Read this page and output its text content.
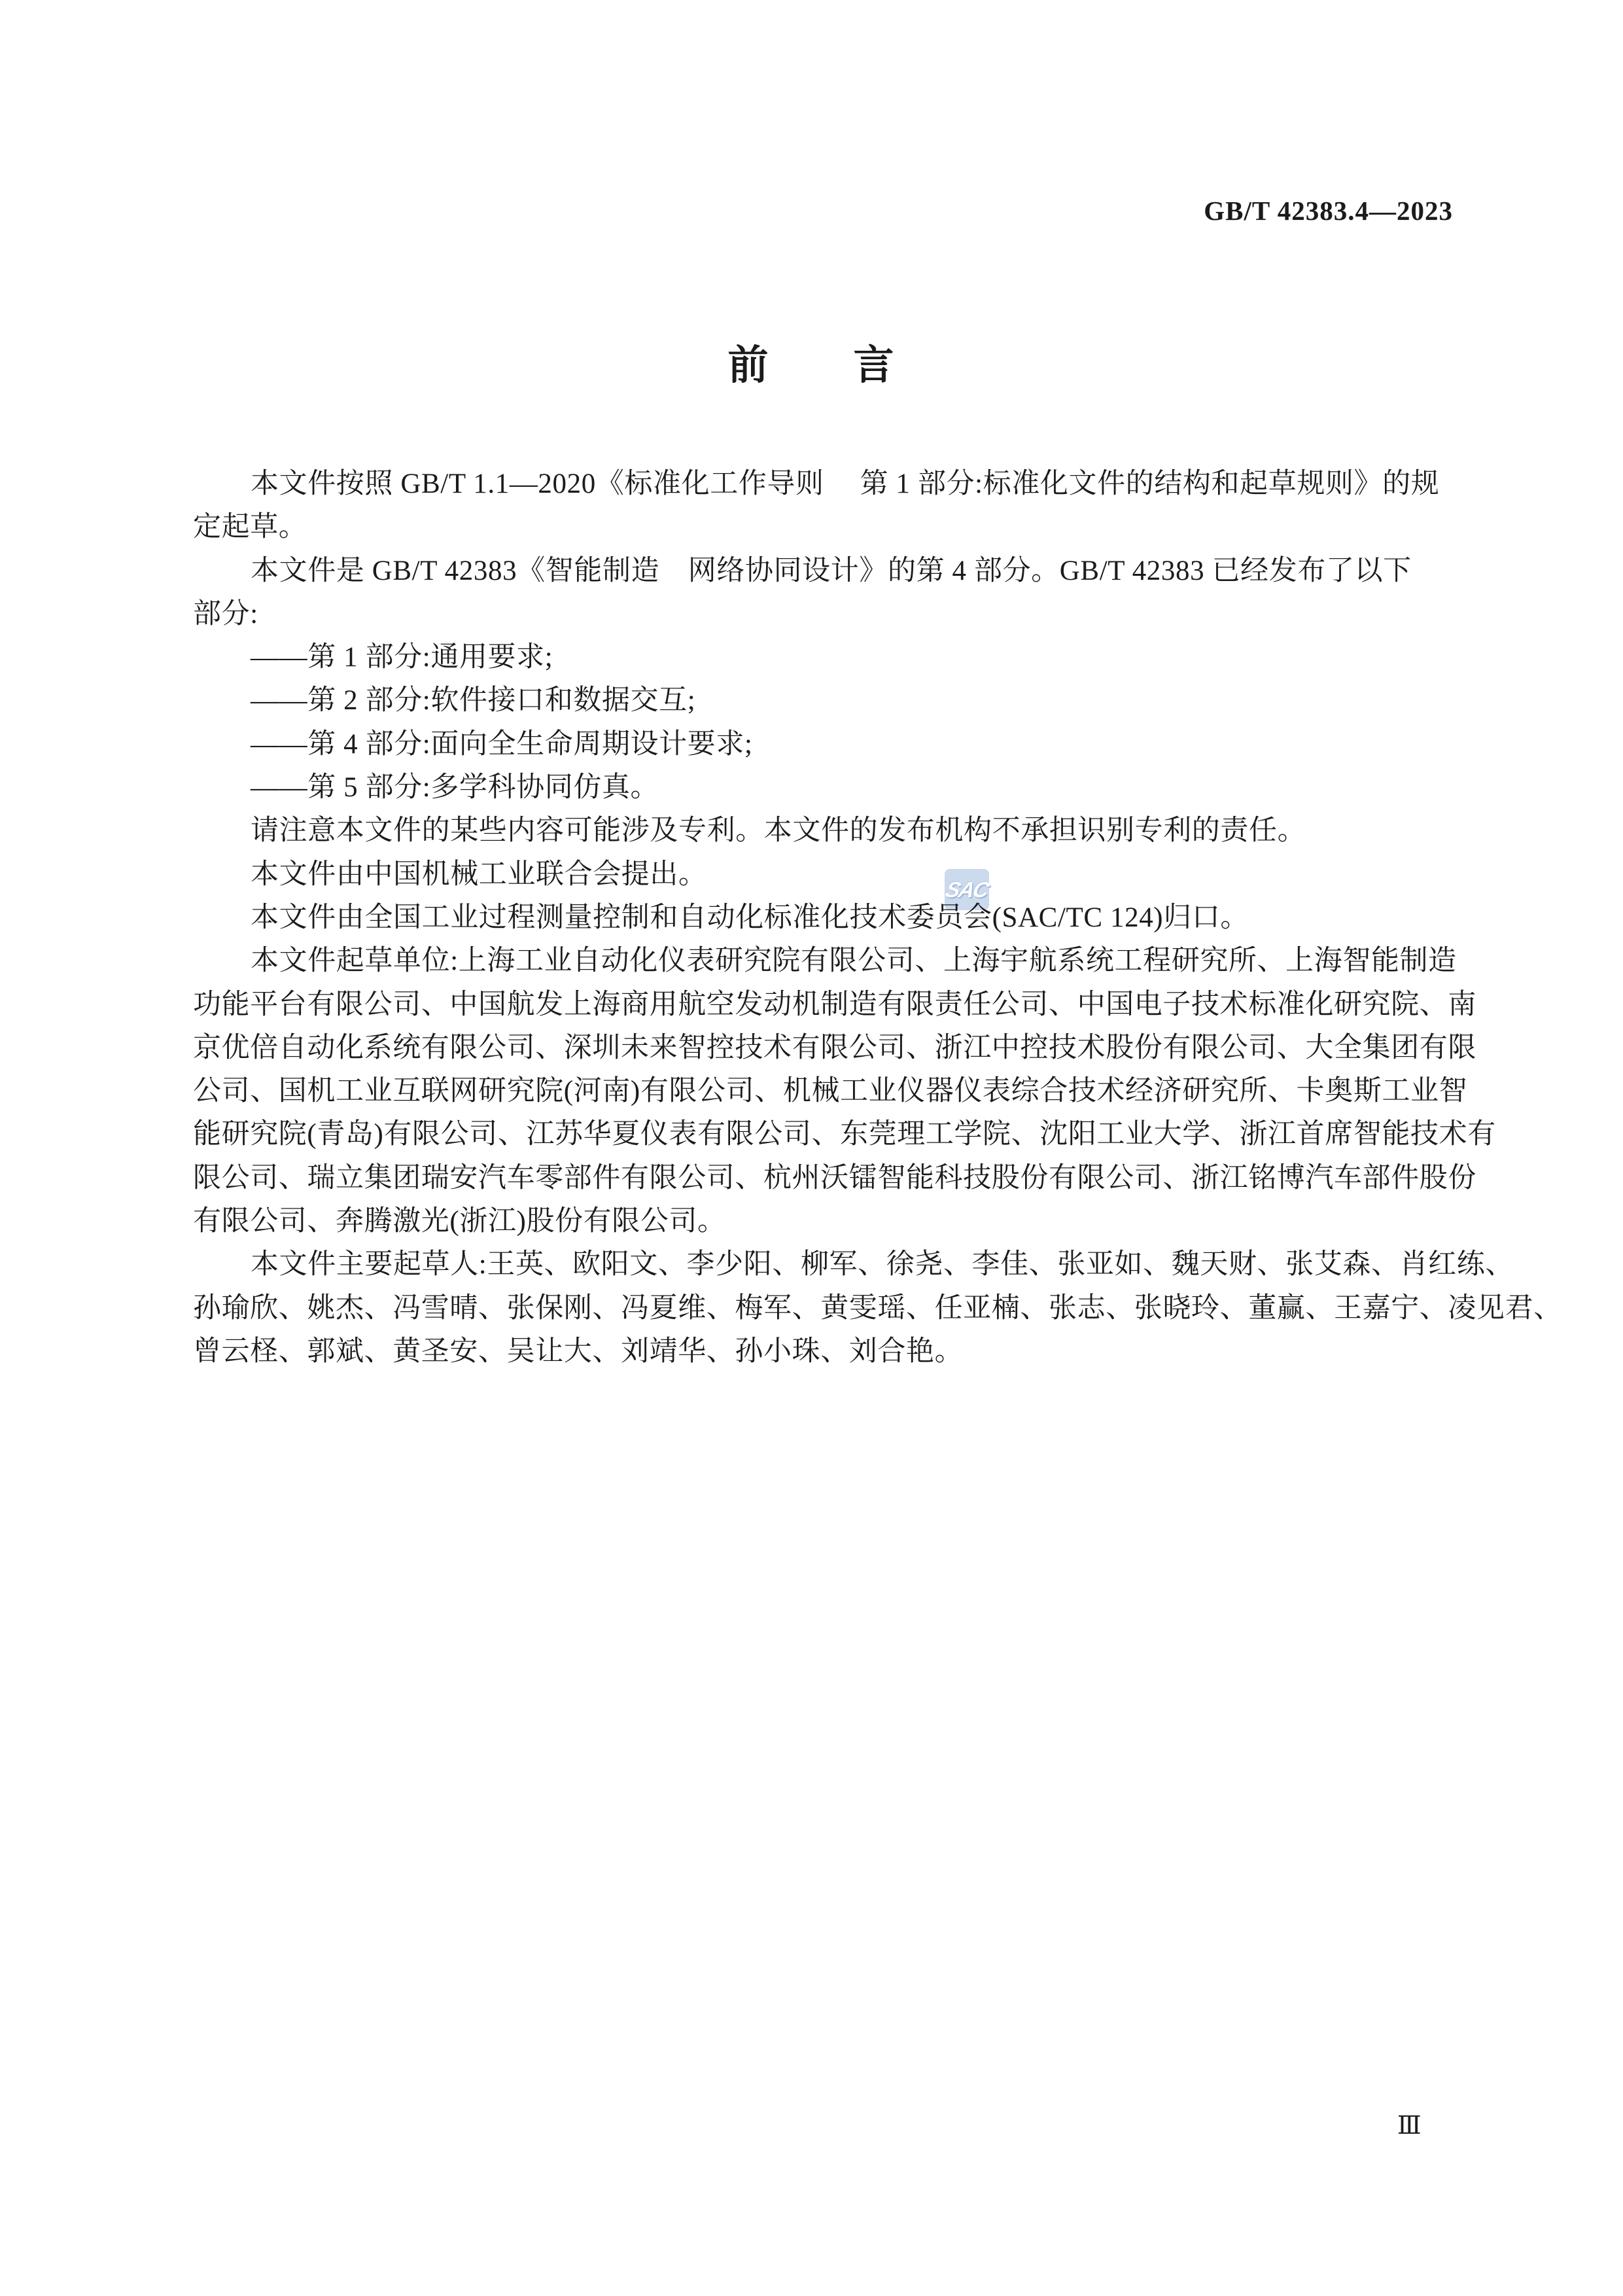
GB/T 42383.4—2023
前　　言
SAC
本文件按照 GB/T 1.1—2020《标准化工作导则　 第 1 部分:标准化文件的结构和起草规则》的规
定起草。
本文件是 GB/T 42383《智能制造　网络协同设计》的第 4 部分。GB/T 42383 已经发布了以下
部分:
——第 1 部分:通用要求;
——第 2 部分:软件接口和数据交互;
——第 4 部分:面向全生命周期设计要求;
——第 5 部分:多学科协同仿真。
请注意本文件的某些内容可能涉及专利。本文件的发布机构不承担识别专利的责任。
本文件由中国机械工业联合会提出。
本文件由全国工业过程测量控制和自动化标准化技术委员会(SAC/TC 124)归口。
本文件起草单位:上海工业自动化仪表研究院有限公司、上海宇航系统工程研究所、上海智能制造
功能平台有限公司、中国航发上海商用航空发动机制造有限责任公司、中国电子技术标准化研究院、南
京优倍自动化系统有限公司、深圳未来智控技术有限公司、浙江中控技术股份有限公司、大全集团有限
公司、国机工业互联网研究院(河南)有限公司、机械工业仪器仪表综合技术经济研究所、卡奥斯工业智
能研究院(青岛)有限公司、江苏华夏仪表有限公司、东莞理工学院、沈阳工业大学、浙江首席智能技术有
限公司、瑞立集团瑞安汽车零部件有限公司、杭州沃镭智能科技股份有限公司、浙江铭博汽车部件股份
有限公司、奔腾激光(浙江)股份有限公司。
本文件主要起草人:王英、欧阳文、李少阳、柳军、徐尧、李佳、张亚如、魏天财、张艾森、肖红练、
孙瑜欣、姚杰、冯雪晴、张保刚、冯夏维、梅军、黄雯瑶、任亚楠、张志、张晓玲、董赢、王嘉宁、凌见君、
曾云柽、郭斌、黄圣安、吴让大、刘靖华、孙小珠、刘合艳。
Ⅲ
